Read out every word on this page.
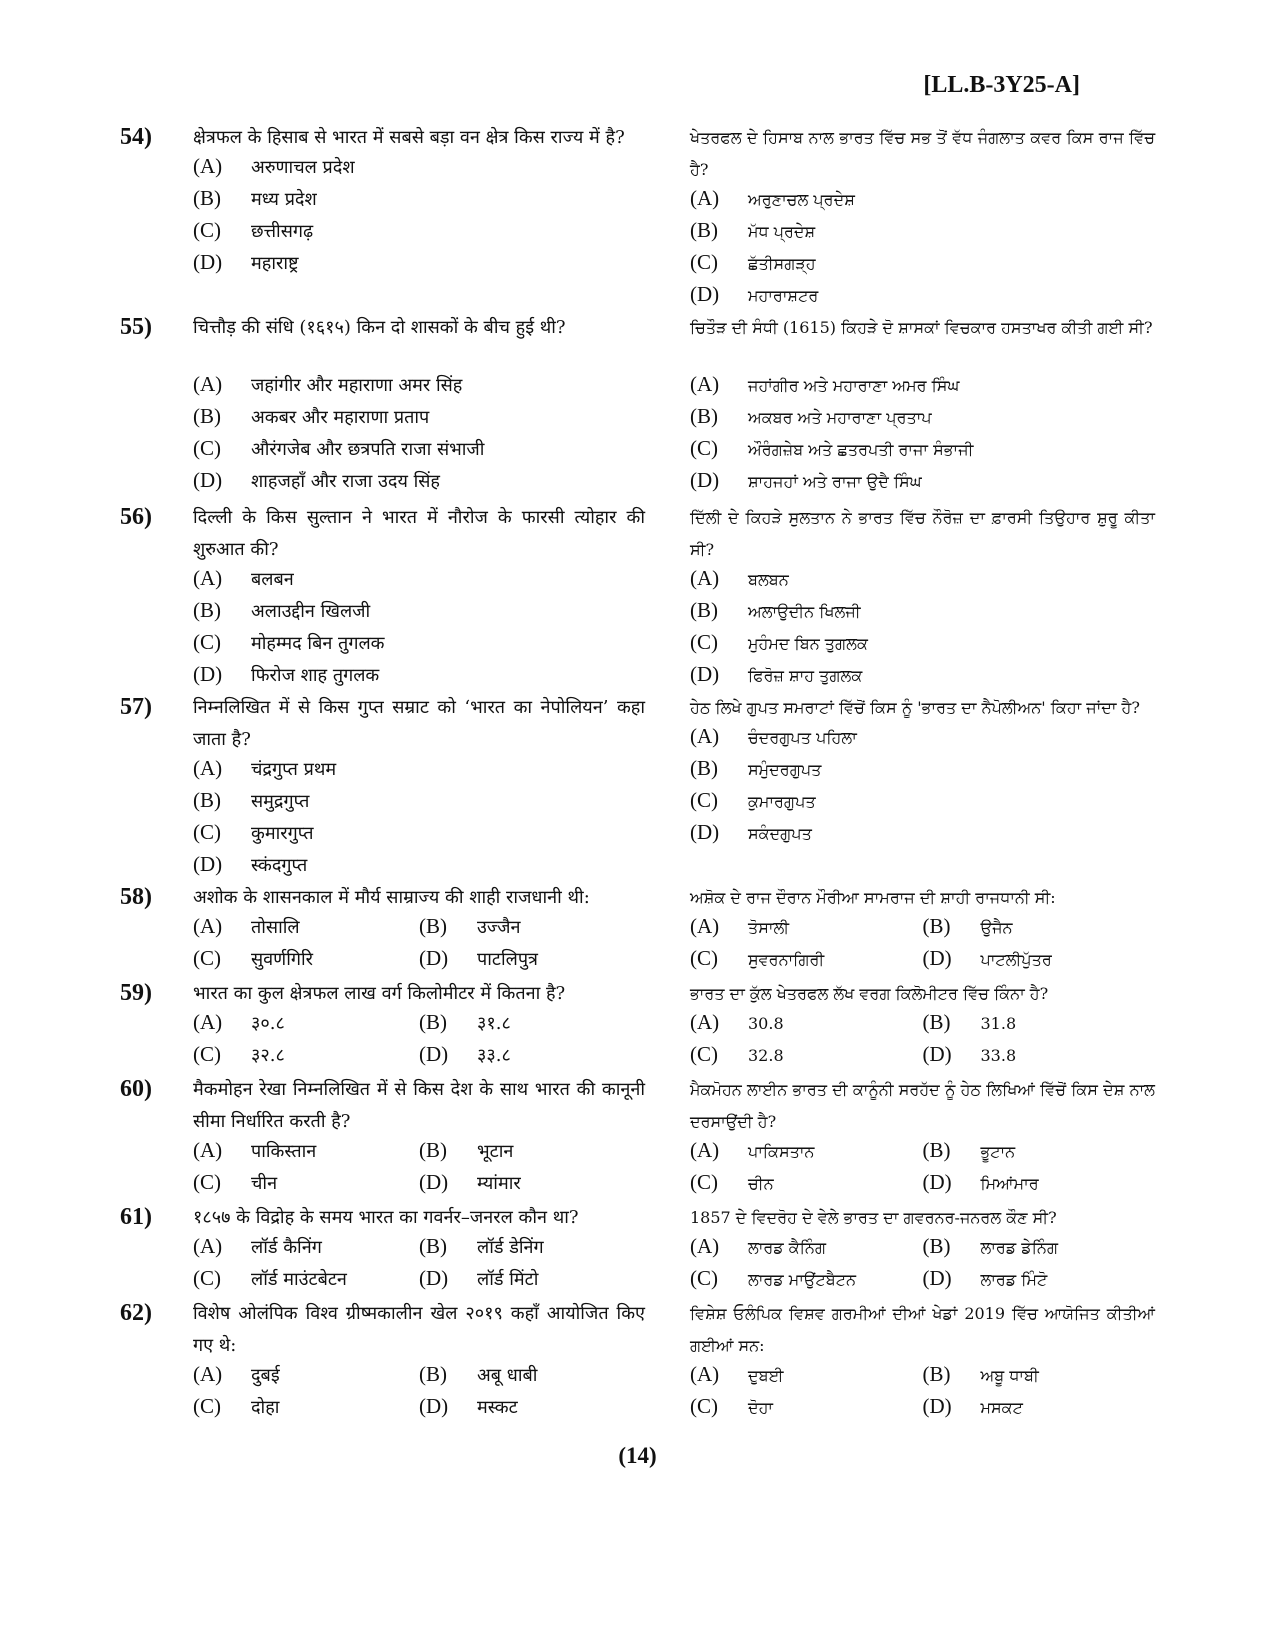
[LL.B-3Y25-A]
54)	क्षेत्रफल के हिसाब से भारत में सबसे बड़ा वन क्षेत्र किस राज्य में है?
(A)	अरुणाचल प्रदेश
(B)	मध्य प्रदेश
(C)	छत्तीसगढ़
(D)	महाराष्ट्र
ਖੇਤਰਫਲ ਦੇ ਹਿਸਾਬ ਨਾਲ ਭਾਰਤ ਵਿੱਚ ਸਭ ਤੋਂ ਵੱਧ ਜੰਗਲਾਤ ਕਵਰ ਕਿਸ ਰਾਜ ਵਿੱਚ ਹੈ?
(A)	ਅਰੁਣਾਚਲ ਪ੍ਰਦੇਸ਼
(B)	ਮੱਧ ਪ੍ਰਦੇਸ਼
(C)	ਛੱਤੀਸਗੜ੍ਹ
(D)	ਮਹਾਰਾਸ਼ਟਰ
55)	चित्तौड़ की संधि (१६१५) किन दो शासकों के बीच हुई थी?
(A)	जहांगीर और महाराणा अमर सिंह
(B)	अकबर और महाराणा प्रताप
(C)	औरंगजेब और छत्रपति राजा संभाजी
(D)	शाहजहाँ और राजा उदय सिंह
ਚਿਤੌੜ ਦੀ ਸੰਧੀ (1615) ਕਿਹੜੇ ਦੋ ਸ਼ਾਸਕਾਂ ਵਿਚਕਾਰ ਹਸਤਾਖਰ ਕੀਤੀ ਗਈ ਸੀ?
(A)	ਜਹਾਂਗੀਰ ਅਤੇ ਮਹਾਰਾਣਾ ਅਮਰ ਸਿੰਘ
(B)	ਅਕਬਰ ਅਤੇ ਮਹਾਰਾਣਾ ਪ੍ਰਤਾਪ
(C)	ਔਰੰਗਜ਼ੇਬ ਅਤੇ ਛਤਰਪਤੀ ਰਾਜਾ ਸੰਭਾਜੀ
(D)	ਸ਼ਾਹਜਹਾਂ ਅਤੇ ਰਾਜਾ ਉਦੈ ਸਿੰਘ
56)	दिल्ली के किस सुल्तान ने भारत में नौरोज के फारसी त्योहार की शुरुआत की?
(A)	बलबन
(B)	अलाउद्दीन खिलजी
(C)	मोहम्मद बिन तुगलक
(D)	फिरोज शाह तुगलक
ਦਿੱਲੀ ਦੇ ਕਿਹੜੇ ਸੁਲਤਾਨ ਨੇ ਭਾਰਤ ਵਿੱਚ ਨੌਰੋਜ਼ ਦਾ ਫ਼ਾਰਸੀ ਤਿਉਹਾਰ ਸ਼ੁਰੂ ਕੀਤਾ ਸੀ?
(A)	ਬਲਬਨ
(B)	ਅਲਾਉਦੀਨ ਖਿਲਜੀ
(C)	ਮੁਹੰਮਦ ਬਿਨ ਤੁਗਲਕ
(D)	ਫਿਰੋਜ਼ ਸ਼ਾਹ ਤੁਗਲਕ
57)	निम्नलिखित में से किस गुप्त सम्राट को ‘भारत का नेपोलियन’ कहा जाता है?
(A)	चंद्रगुप्त प्रथम
(B)	समुद्रगुप्त
(C)	कुमारगुप्त
(D)	स्कंदगुप्त
ਹੇਠ ਲਿਖੇ ਗੁਪਤ ਸਮਰਾਟਾਂ ਵਿੱਚੋਂ ਕਿਸ ਨੂੰ 'ਭਾਰਤ ਦਾ ਨੈਪੋਲੀਅਨ' ਕਿਹਾ ਜਾਂਦਾ ਹੈ?
(A)	ਚੰਦਰਗੁਪਤ ਪਹਿਲਾ
(B)	ਸਮੁੰਦਰਗੁਪਤ
(C)	ਕੁਮਾਰਗੁਪਤ
(D)	ਸਕੰਦਗੁਪਤ
58)	अशोक के शासनकाल में मौर्य साम्राज्य की शाही राजधानी थी:
(A)	तोसालि	(B)	उज्जैन
(C)	सुवर्णगिरि	(D)	पाटलिपुत्र
ਅਸ਼ੋਕ ਦੇ ਰਾਜ ਦੌਰਾਨ ਮੌਰੀਆ ਸਾਮਰਾਜ ਦੀ ਸ਼ਾਹੀ ਰਾਜਧਾਨੀ ਸੀ:
(A)	ਤੋਸਾਲੀ	(B)	ਉਜੈਨ
(C)	ਸੁਵਰਨਾਗਿਰੀ	(D)	ਪਾਟਲੀਪੁੱਤਰ
59)	भारत का कुल क्षेत्रफल लाख वर्ग किलोमीटर में कितना है?
(A)	३०.८	(B)	३१.८
(C)	३२.८	(D)	३३.८
ਭਾਰਤ ਦਾ ਕੁੱਲ ਖੇਤਰਫਲ ਲੱਖ ਵਰਗ ਕਿਲੋਮੀਟਰ ਵਿੱਚ ਕਿੰਨਾ ਹੈ?
(A)	30.8	(B)	31.8
(C)	32.8	(D)	33.8
60)	मैकमोहन रेखा निम्नलिखित में से किस देश के साथ भारत की कानूनी सीमा निर्धारित करती है?
(A)	पाकिस्तान	(B)	भूटान
(C)	चीन	(D)	म्यांमार
ਮੈਕਮੋਹਨ ਲਾਈਨ ਭਾਰਤ ਦੀ ਕਾਨੂੰਨੀ ਸਰਹੱਦ ਨੂੰ ਹੇਠ ਲਿਖਿਆਂ ਵਿੱਚੋਂ ਕਿਸ ਦੇਸ਼ ਨਾਲ ਦਰਸਾਉਂਦੀ ਹੈ?
(A)	ਪਾਕਿਸਤਾਨ	(B)	ਭੂਟਾਨ
(C)	ਚੀਨ	(D)	ਮਿਆਂਮਾਰ
61)	१८५७ के विद्रोह के समय भारत का गवर्नर–जनरल कौन था?
(A)	लॉर्ड कैनिंग	(B)	लॉर्ड डेनिंग
(C)	लॉर्ड माउंटबेटन	(D)	लॉर्ड मिंटो
1857 ਦੇ ਵਿਦਰੋਹ ਦੇ ਵੇਲੇ ਭਾਰਤ ਦਾ ਗਵਰਨਰ-ਜਨਰਲ ਕੌਣ ਸੀ?
(A)	ਲਾਰਡ ਕੈਨਿੰਗ	(B)	ਲਾਰਡ ਡੇਨਿੰਗ
(C)	ਲਾਰਡ ਮਾਉਂਟਬੈਟਨ	(D)	ਲਾਰਡ ਮਿੰਟੋ
62)	विशेष ओलंपिक विश्व ग्रीष्मकालीन खेल २०१९ कहाँ आयोजित किए गए थे:
(A)	दुबई	(B)	अबू धाबी
(C)	दोहा	(D)	मस्कट
ਵਿਸ਼ੇਸ਼ ਓਲੰਪਿਕ ਵਿਸ਼ਵ ਗਰਮੀਆਂ ਦੀਆਂ ਖੇਡਾਂ 2019 ਵਿੱਚ ਆਯੋਜਿਤ ਕੀਤੀਆਂ ਗਈਆਂ ਸਨ:
(A)	ਦੁਬਈ	(B)	ਅਬੂ ਧਾਬੀ
(C)	ਦੋਹਾ	(D)	ਮਸਕਟ
(14)
